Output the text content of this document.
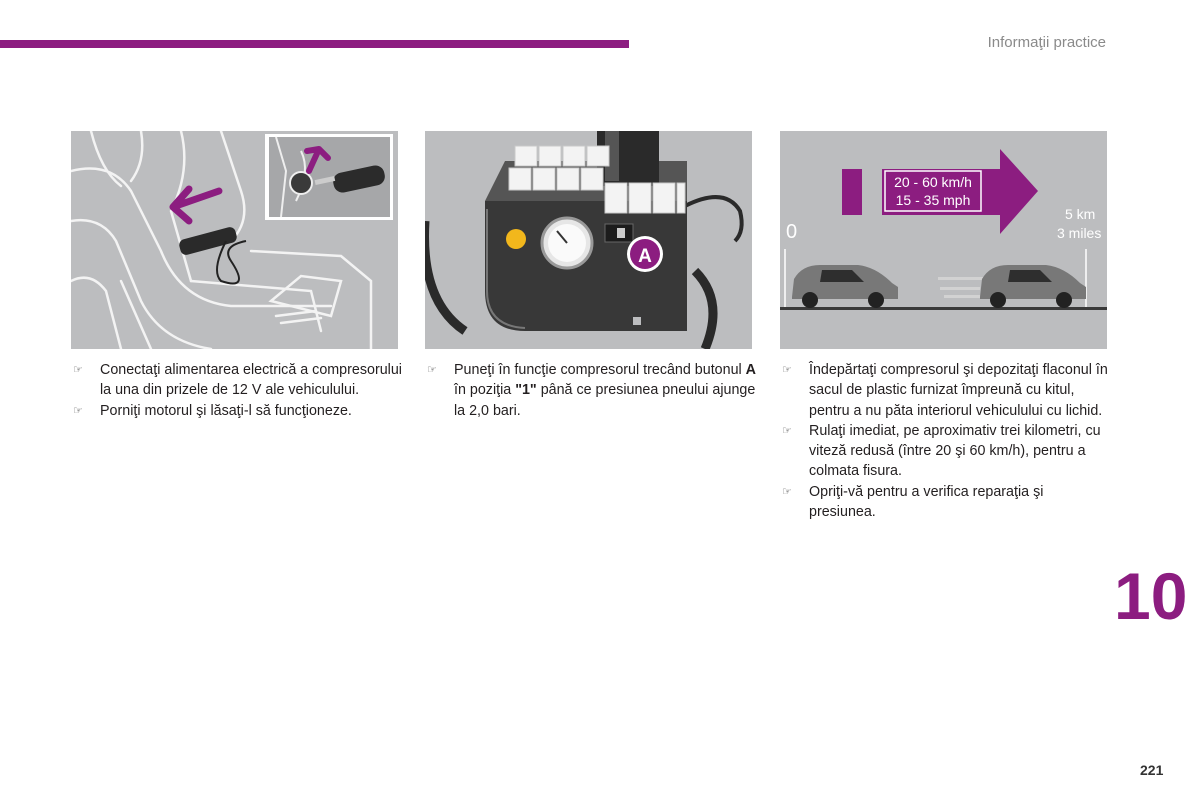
Informaţii practice
A
20 - 60 km/h
15 - 35 mph
0
5 km
3 miles
☞ Conectaţi alimentarea electrică a compresorului la una din prizele de 12 V ale vehiculului.
☞ Porniţi motorul şi lăsaţi-l să funcţioneze.
☞ Puneţi în funcţie compresorul trecând butonul A în poziţia "1" până ce presiunea pneului ajunge la 2,0 bari.
☞ Îndepărtaţi compresorul şi depozitaţi flaconul în sacul de plastic furnizat împreună cu kitul, pentru a nu păta interiorul vehiculului cu lichid.
☞ Rulaţi imediat, pe aproximativ trei kilometri, cu viteză redusă (între 20 şi 60 km/h), pentru a colmata fisura.
☞ Opriţi-vă pentru a verifica reparaţia şi presiunea.
10
221
